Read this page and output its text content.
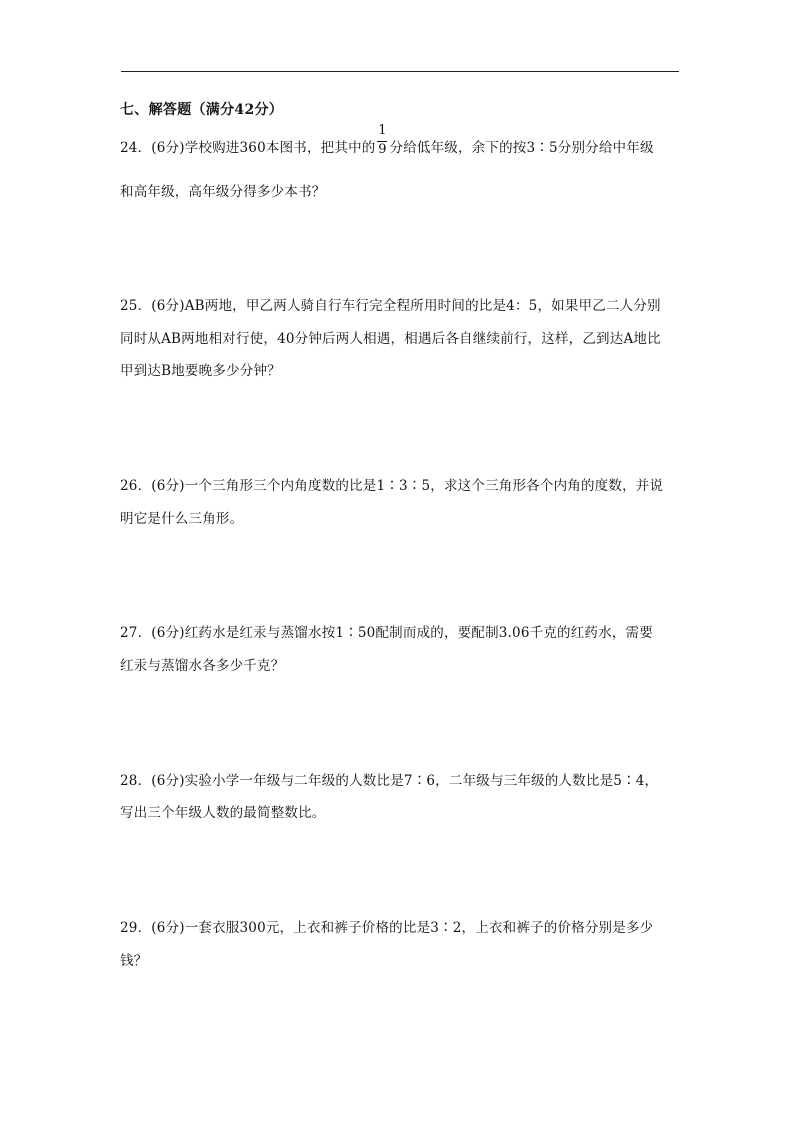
七、解答题（满分42分）
24．(6分)学校购进360本图书，把其中的 $\frac{1}{9}$ 分给低年级，余下的按3∶5分别分给中年级
和高年级，高年级分得多少本书？
25．(6分)AB两地，甲乙两人骑自行车行完全程所用时间的比是4：5，如果甲乙二人分别
同时从AB两地相对行使，40分钟后两人相遇，相遇后各自继续前行，这样，乙到达A地比
甲到达B地要晚多少分钟？
26．(6分)一个三角形三个内角度数的比是1∶3∶5，求这个三角形各个内角的度数，并说
明它是什么三角形。
27．(6分)红药水是红汞与蒸馏水按1∶50配制而成的，要配制3.06千克的红药水，需要
红汞与蒸馏水各多少千克？
28．(6分)实验小学一年级与二年级的人数比是7∶6，二年级与三年级的人数比是5∶4，
写出三个年级人数的最简整数比。
29．(6分)一套衣服300元，上衣和裤子价格的比是3∶2，上衣和裤子的价格分别是多少
钱？
